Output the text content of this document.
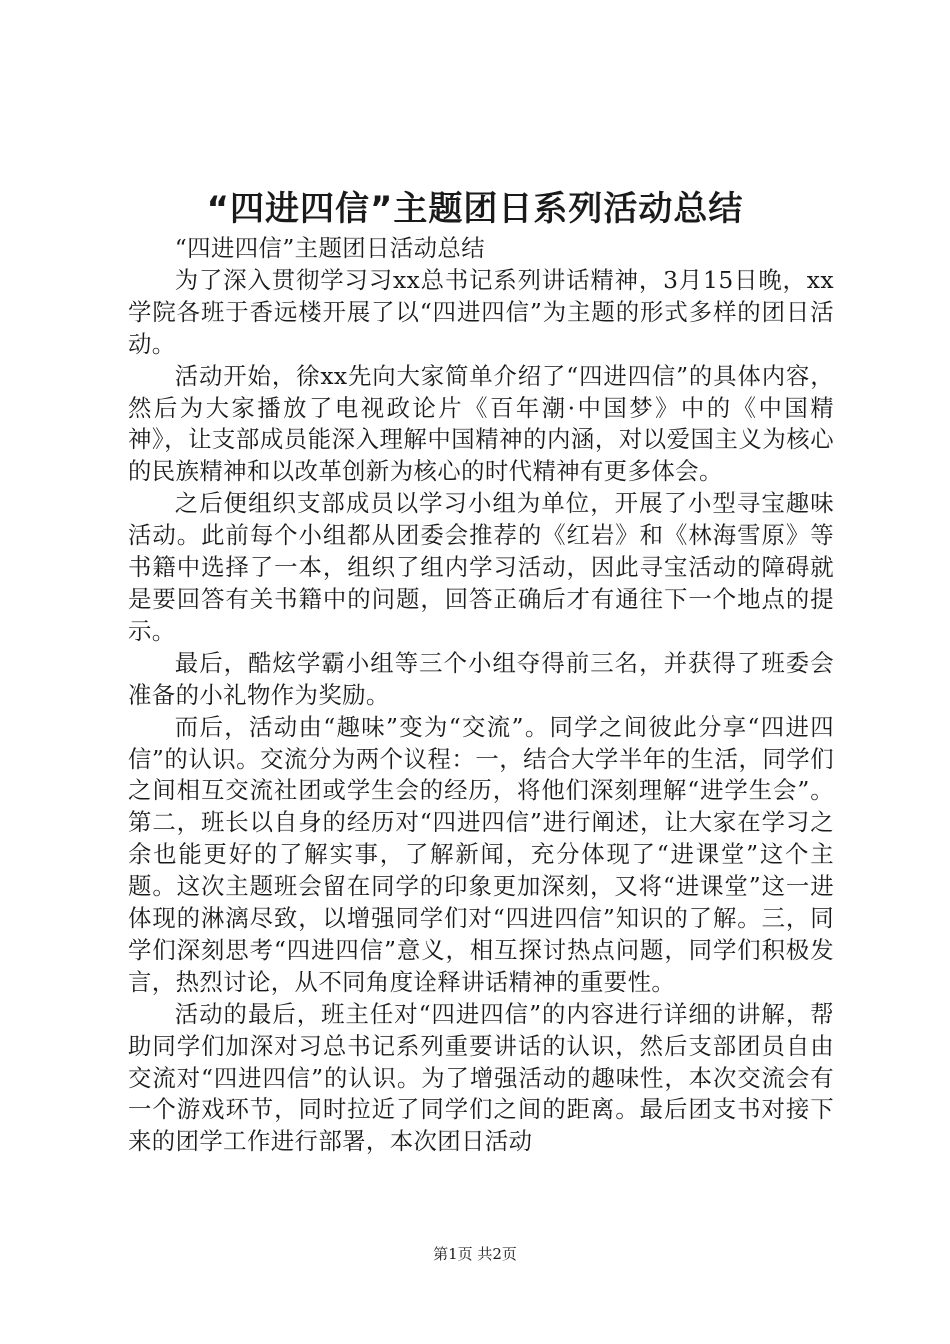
“四进四信”主题团日系列活动总结

“四进四信”主题团日活动总结

为了深入贯彻学习习xx总书记系列讲话精神，3月15日晚，xx学院各班于香远楼开展了以“四进四信”为主题的形式多样的团日活动。

活动开始，徐xx先向大家简单介绍了“四进四信”的具体内容，然后为大家播放了电视政论片《百年潮·中国梦》中的《中国精神》，让支部成员能深入理解中国精神的内涵，对以爱国主义为核心的民族精神和以改革创新为核心的时代精神有更多体会。

之后便组织支部成员以学习小组为单位，开展了小型寻宝趣味活动。此前每个小组都从团委会推荐的《红岩》和《林海雪原》等书籍中选择了一本，组织了组内学习活动，因此寻宝活动的障碍就是要回答有关书籍中的问题，回答正确后才有通往下一个地点的提示。

最后，酷炫学霸小组等三个小组夺得前三名，并获得了班委会准备的小礼物作为奖励。

而后，活动由“趣味”变为“交流”。同学之间彼此分享“四进四信”的认识。交流分为两个议程：一，结合大学半年的生活，同学们之间相互交流社团或学生会的经历，将他们深刻理解“进学生会”。第二，班长以自身的经历对“四进四信”进行阐述，让大家在学习之余也能更好的了解实事，了解新闻，充分体现了“进课堂”这个主题。这次主题班会留在同学的印象更加深刻，又将“进课堂”这一进体现的淋漓尽致，以增强同学们对“四进四信”知识的了解。三，同学们深刻思考“四进四信”意义，相互探讨热点问题，同学们积极发言，热烈讨论，从不同角度诠释讲话精神的重要性。

活动的最后，班主任对“四进四信”的内容进行详细的讲解，帮助同学们加深对习总书记系列重要讲话的认识，然后支部团员自由交流对“四进四信”的认识。为了增强活动的趣味性，本次交流会有一个游戏环节，同时拉近了同学们之间的距离。最后团支书对接下来的团学工作进行部署，本次团日活动

第1页 共2页
